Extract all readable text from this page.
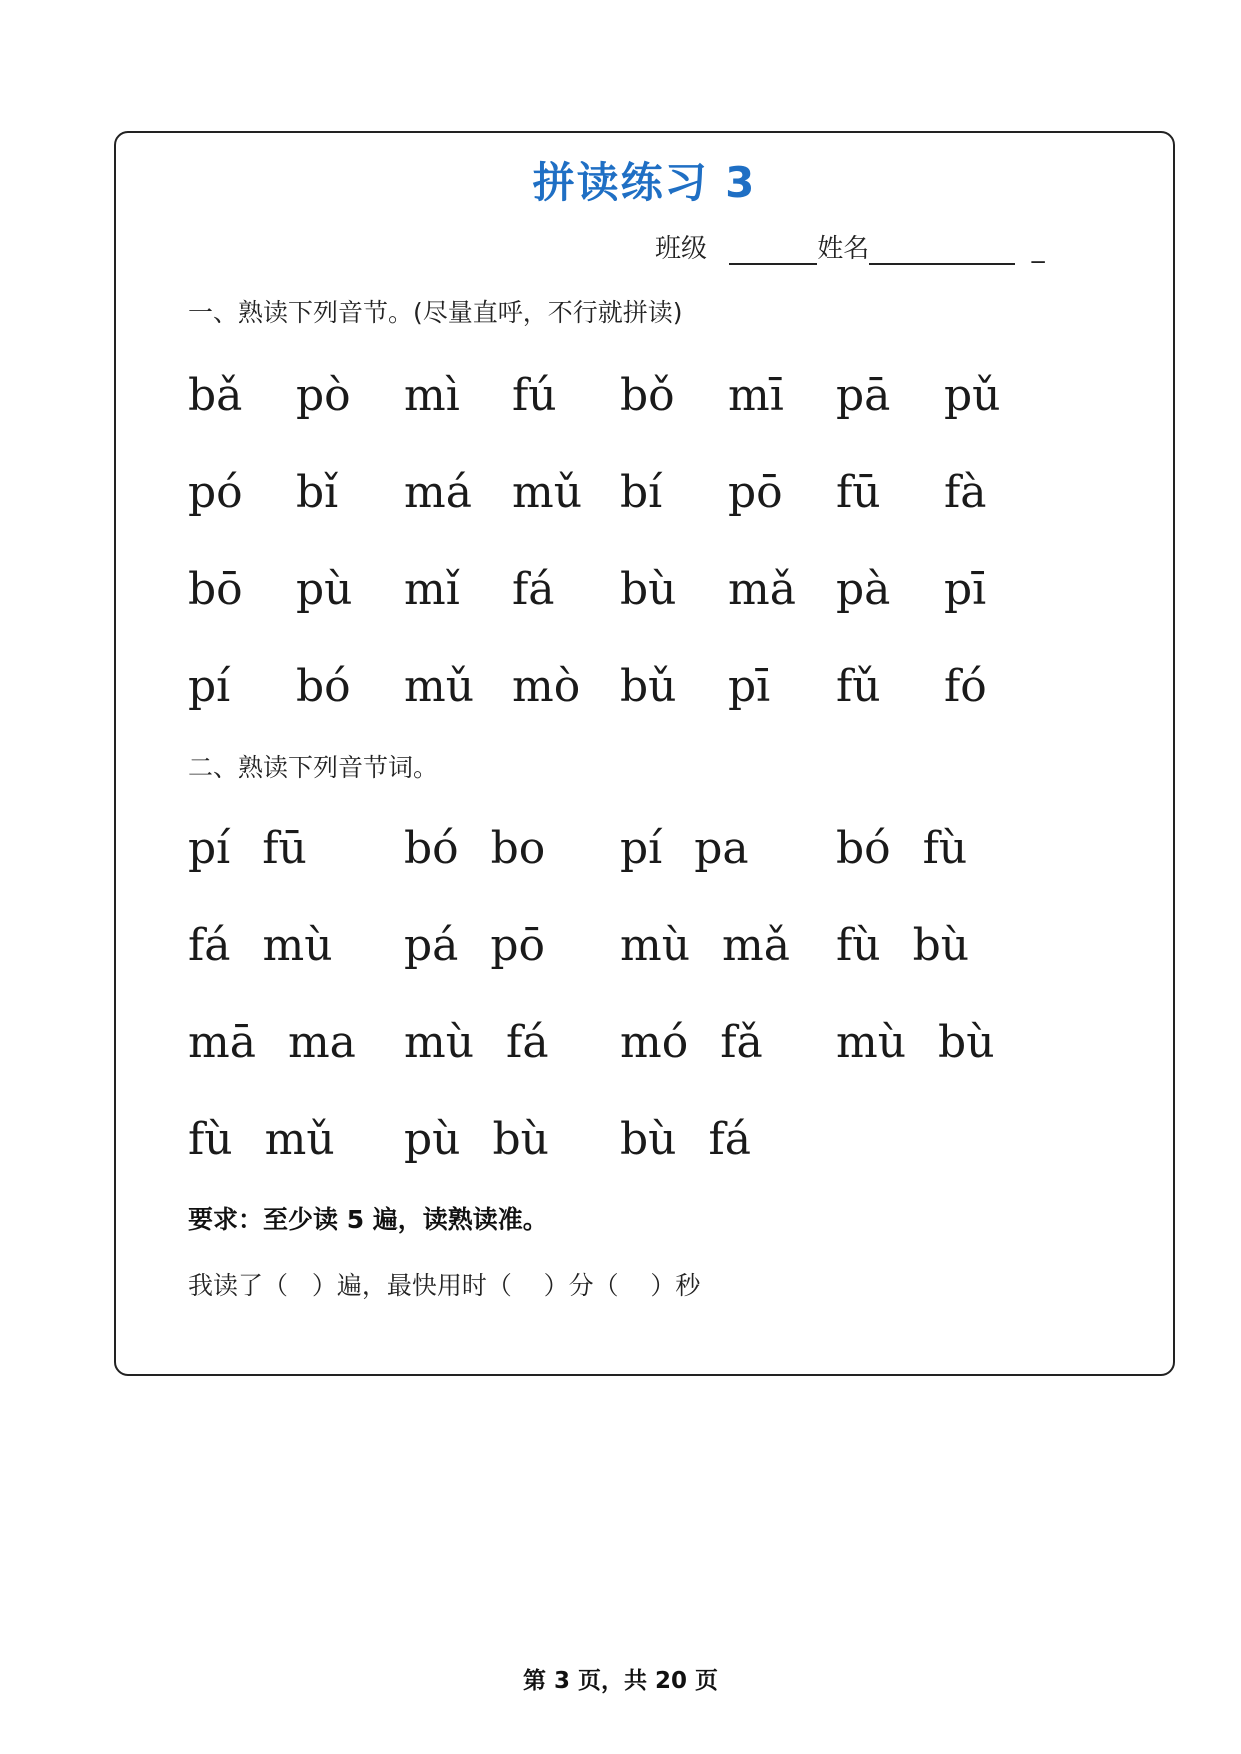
拼读练习 3
班级	姓名	_
一、熟读下列音节。(尽量直呼，不行就拼读)
bǎ pò mì fú bǒ mī pā pǔ
pó bǐ má mǔ bí pō fū fà
bō pù mǐ fá bù mǎ pà pī
pí bó mǔ mò bǔ pī fǔ fó
二、熟读下列音节词。
pí fū bó bo pí pa bó fù
fá mù pá pō mù mǎ fù bù
mā ma mù fá mó fǎ mù bù
fù mǔ pù bù bù fá
要求：至少读 5 遍，读熟读准。
我读了（   ）遍，最快用时（    ）分（    ）秒
第 3 页，共 20 页
